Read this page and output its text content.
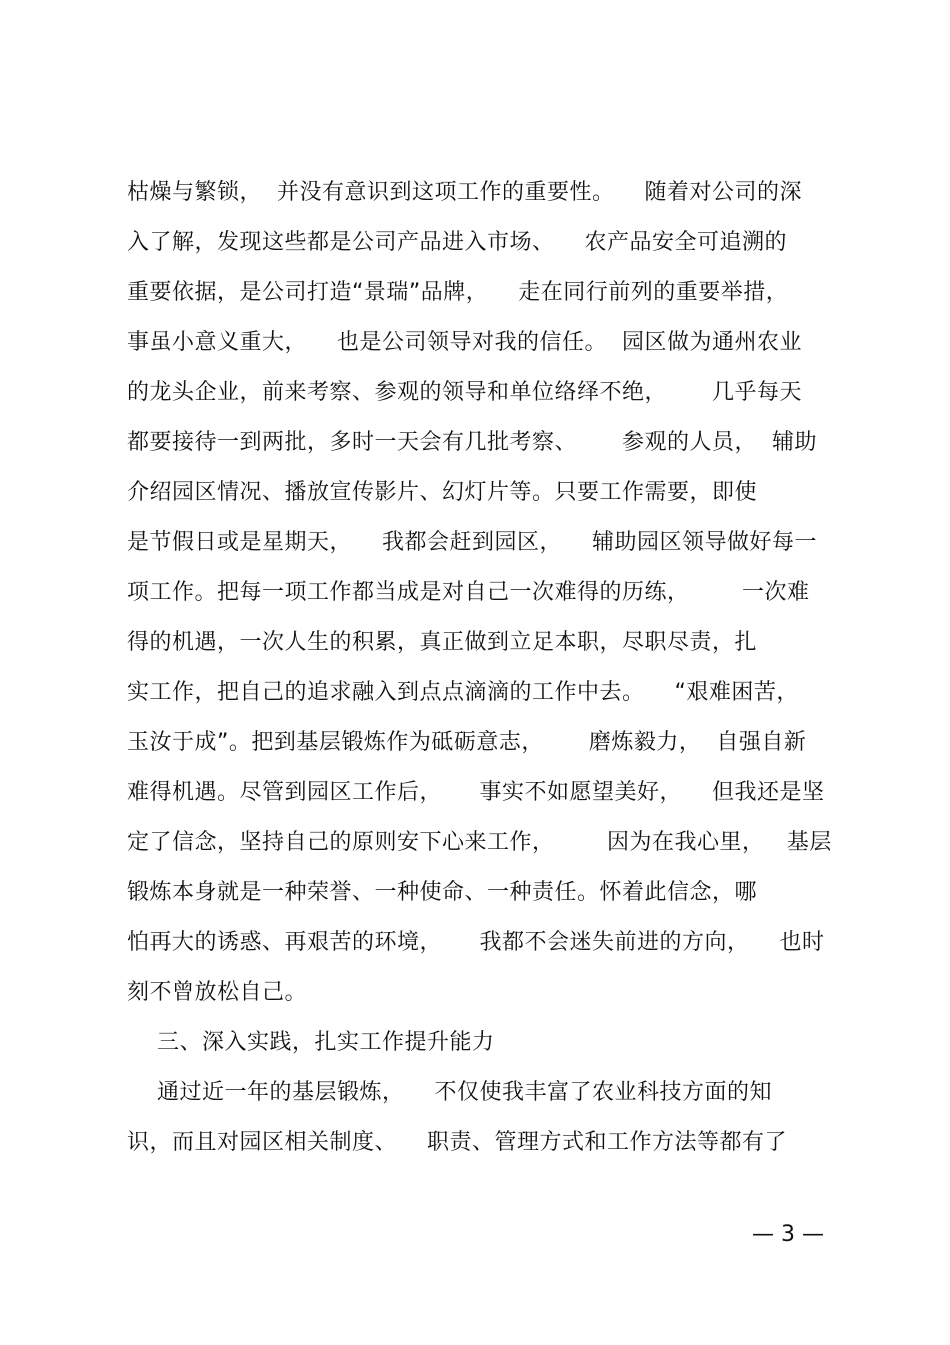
枯燥与繁锁，  并没有意识到这项工作的重要性。    随着对公司的深
入了解，发现这些都是公司产品进入市场、    农产品安全可追溯的
重要依据，是公司打造“景瑞”品牌，    走在同行前列的重要举措，
事虽小意义重大，    也是公司领导对我的信任。  园区做为通州农业
的龙头企业，前来考察、参观的领导和单位络绎不绝，      几乎每天
都要接待一到两批，多时一天会有几批考察、      参观的人员，  辅助
介绍园区情况、播放宣传影片、幻灯片等。只要工作需要，即使
是节假日或是星期天，    我都会赶到园区，    辅助园区领导做好每一
项工作。把每一项工作都当成是对自己一次难得的历练，       一次难
得的机遇，一次人生的积累，真正做到立足本职，尽职尽责，扎
实工作，把自己的追求融入到点点滴滴的工作中去。    “艰难困苦，
玉汝于成”。把到基层锻炼作为砥砺意志，      磨炼毅力，  自强自新
难得机遇。尽管到园区工作后，     事实不如愿望美好，    但我还是坚
定了信念，坚持自己的原则安下心来工作，       因为在我心里，   基层
锻炼本身就是一种荣誉、一种使命、一种责任。怀着此信念，哪
怕再大的诱惑、再艰苦的环境，     我都不会迷失前进的方向，    也时
刻不曾放松自己。
三、深入实践，扎实工作提升能力
通过近一年的基层锻炼，    不仅使我丰富了农业科技方面的知
识，而且对园区相关制度、    职责、管理方式和工作方法等都有了
— 3 —
